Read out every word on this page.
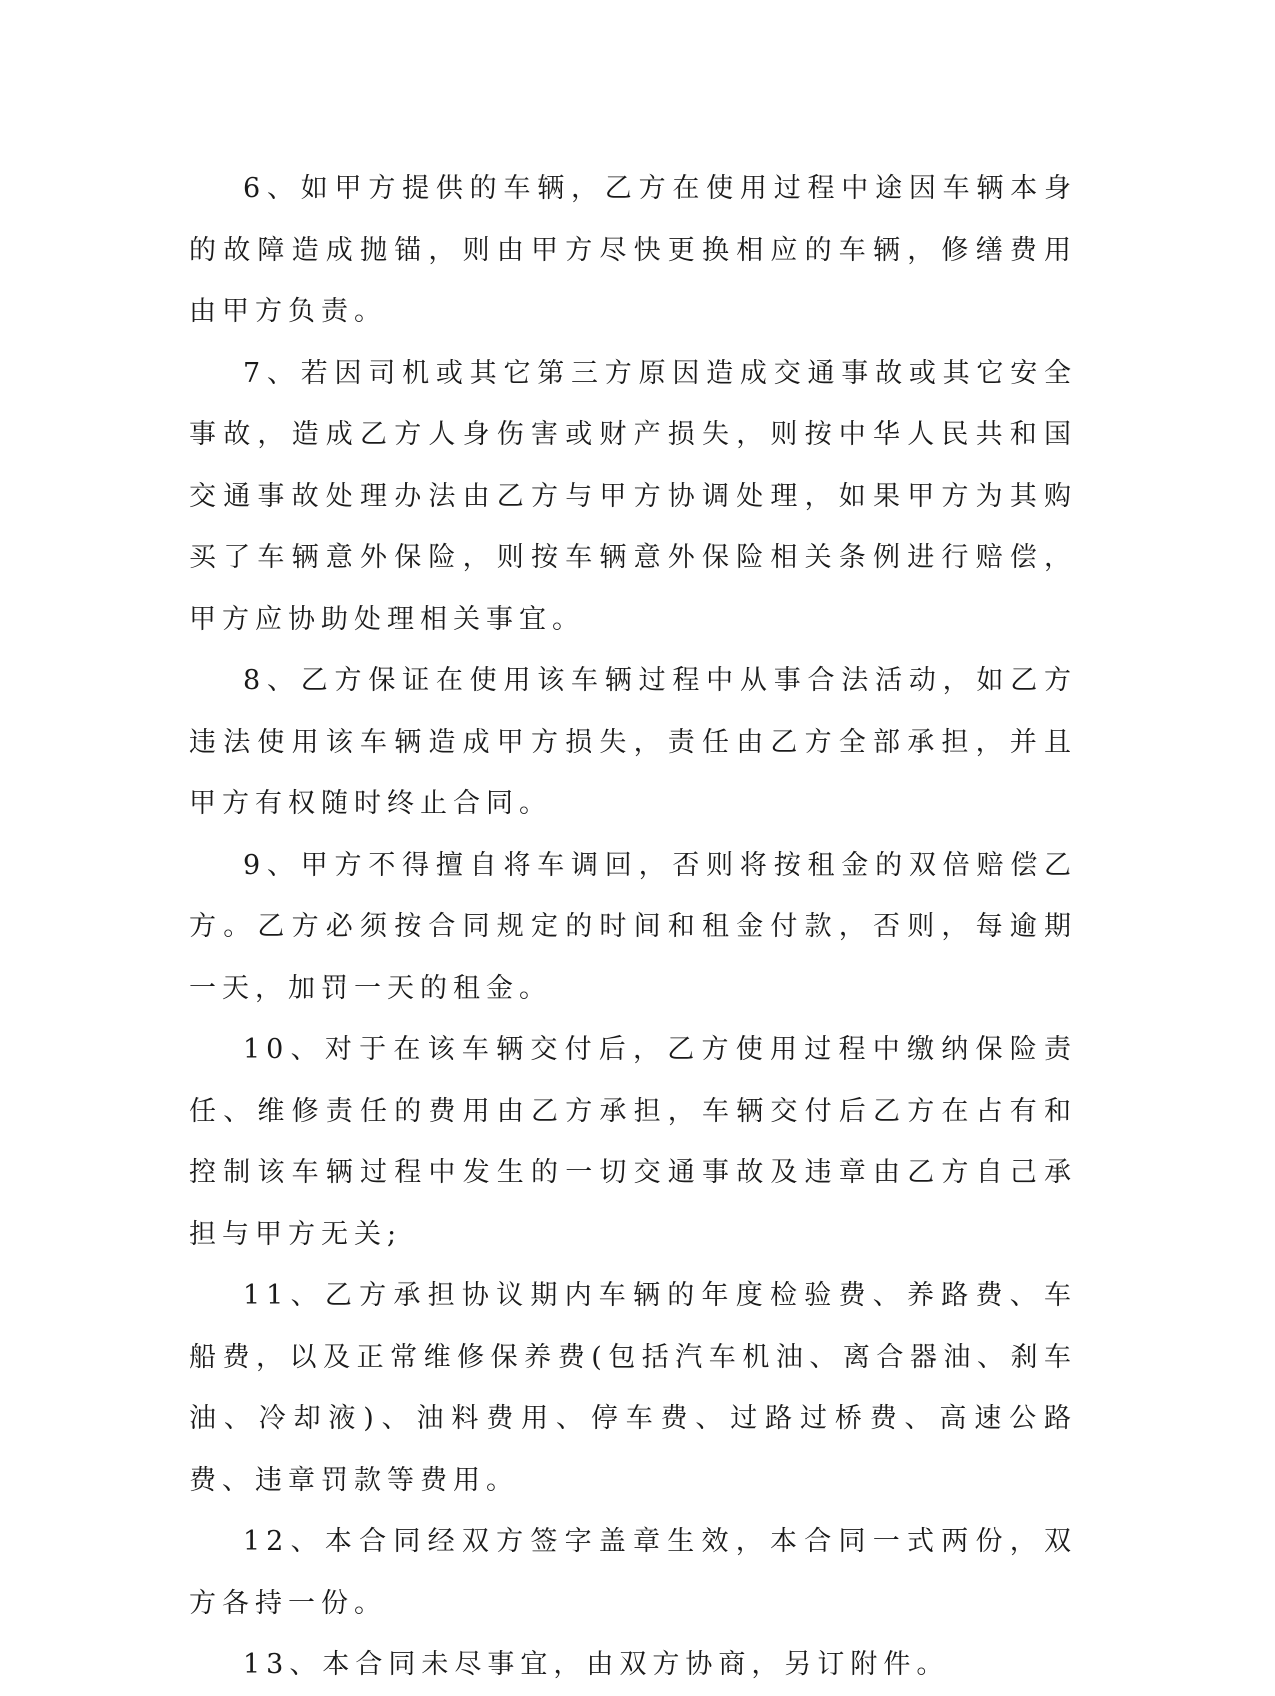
6、如甲方提供的车辆，乙方在使用过程中途因车辆本身的故障造成抛锚，则由甲方尽快更换相应的车辆，修缮费用由甲方负责。

7、若因司机或其它第三方原因造成交通事故或其它安全事故，造成乙方人身伤害或财产损失，则按中华人民共和国交通事故处理办法由乙方与甲方协调处理，如果甲方为其购买了车辆意外保险，则按车辆意外保险相关条例进行赔偿，甲方应协助处理相关事宜。

8、乙方保证在使用该车辆过程中从事合法活动，如乙方违法使用该车辆造成甲方损失，责任由乙方全部承担，并且甲方有权随时终止合同。

9、甲方不得擅自将车调回，否则将按租金的双倍赔偿乙方。乙方必须按合同规定的时间和租金付款，否则，每逾期一天，加罚一天的租金。

10、对于在该车辆交付后，乙方使用过程中缴纳保险责任、维修责任的费用由乙方承担，车辆交付后乙方在占有和控制该车辆过程中发生的一切交通事故及违章由乙方自己承担与甲方无关;

11、乙方承担协议期内车辆的年度检验费、养路费、车船费，以及正常维修保养费(包括汽车机油、离合器油、刹车油、冷却液)、油料费用、停车费、过路过桥费、高速公路费、违章罚款等费用。

12、本合同经双方签字盖章生效，本合同一式两份，双方各持一份。

13、本合同未尽事宜，由双方协商，另订附件。
